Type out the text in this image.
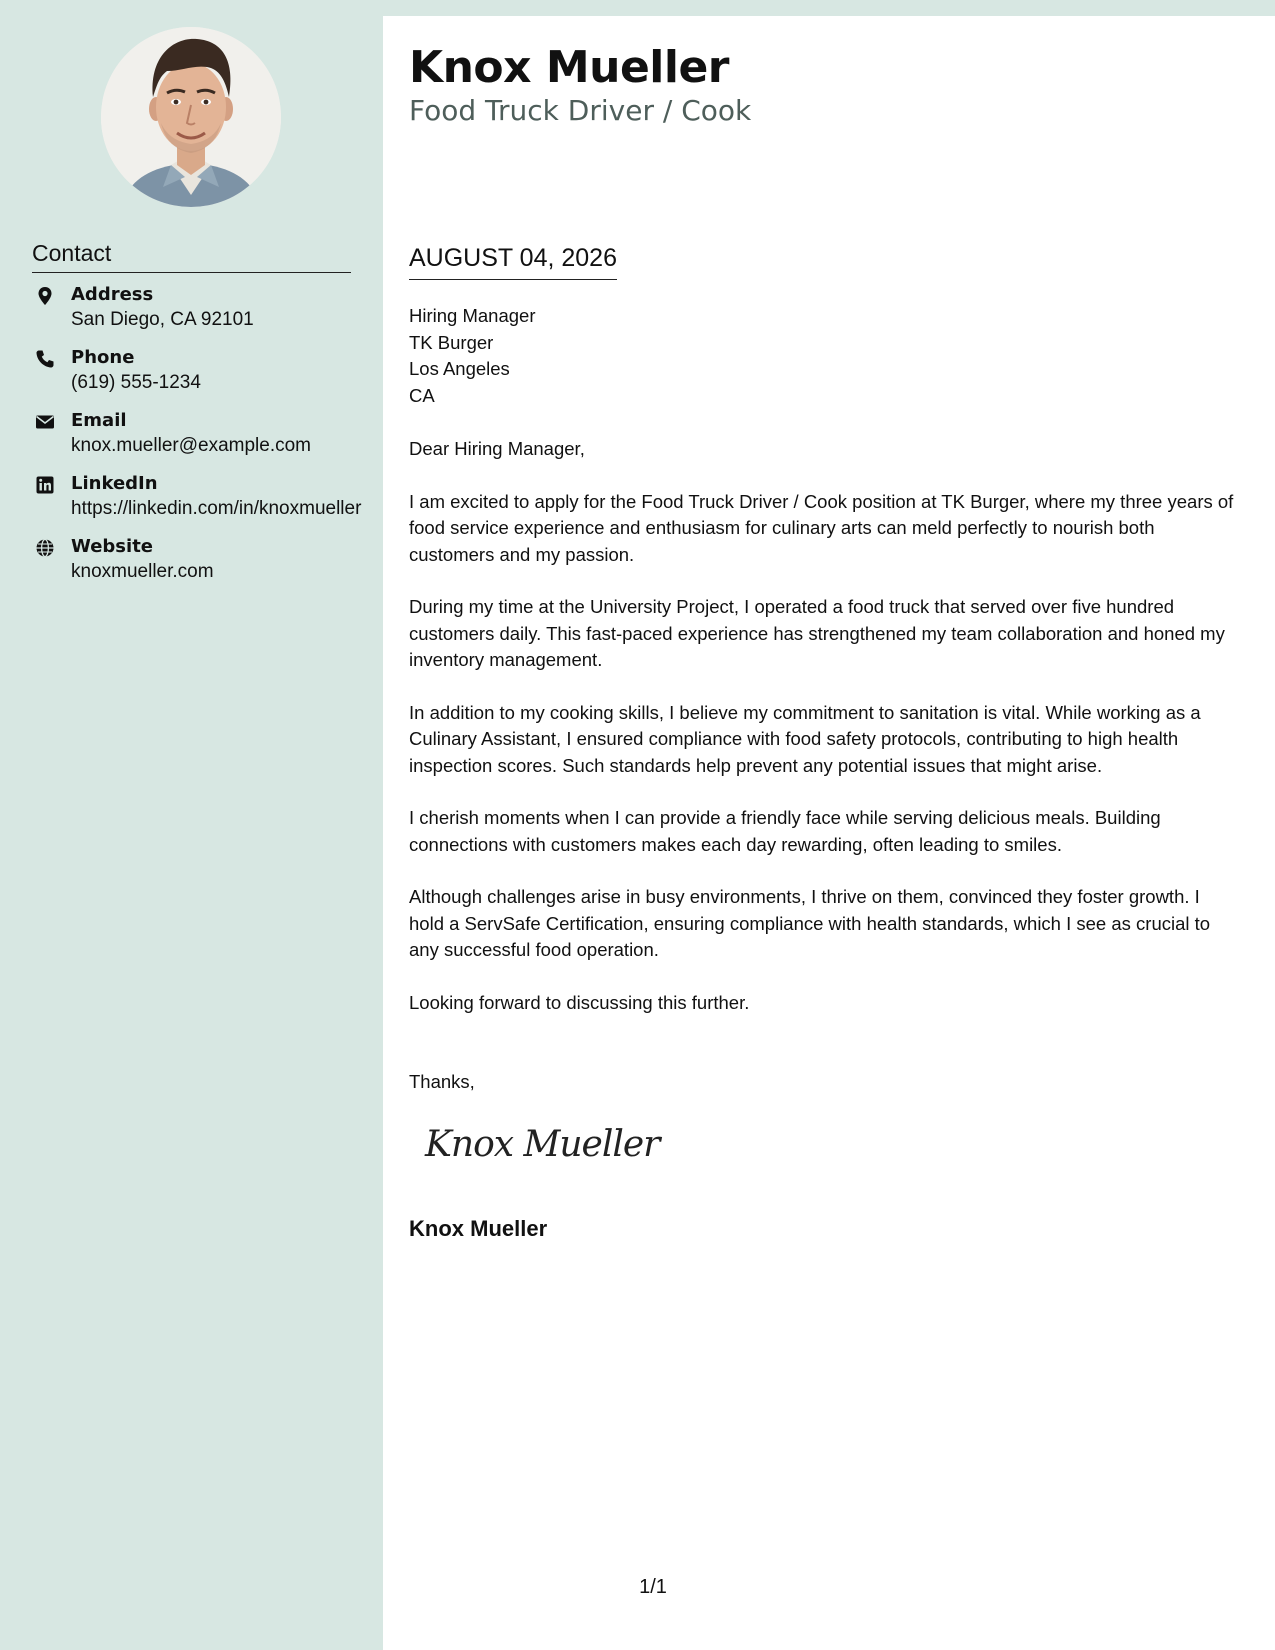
Contact
Address
San Diego, CA 92101
Phone
(619) 555-1234
Email
knox.mueller@example.com
LinkedIn
https://linkedin.com/in/knoxmueller
Website
knoxmueller.com
Knox Mueller
Food Truck Driver / Cook
AUGUST 04, 2026
Hiring Manager
TK Burger
Los Angeles
CA

Dear Hiring Manager,

I am excited to apply for the Food Truck Driver / Cook position at TK Burger, where my three years of food service experience and enthusiasm for culinary arts can meld perfectly to nourish both customers and my passion.

During my time at the University Project, I operated a food truck that served over five hundred customers daily. This fast-paced experience has strengthened my team collaboration and honed my inventory management.

In addition to my cooking skills, I believe my commitment to sanitation is vital. While working as a Culinary Assistant, I ensured compliance with food safety protocols, contributing to high health inspection scores. Such standards help prevent any potential issues that might arise.

I cherish moments when I can provide a friendly face while serving delicious meals. Building connections with customers makes each day rewarding, often leading to smiles.

Although challenges arise in busy environments, I thrive on them, convinced they foster growth. I hold a ServSafe Certification, ensuring compliance with health standards, which I see as crucial to any successful food operation.

Looking forward to discussing this further.

Thanks,
Knox Mueller
Knox Mueller
1/1
